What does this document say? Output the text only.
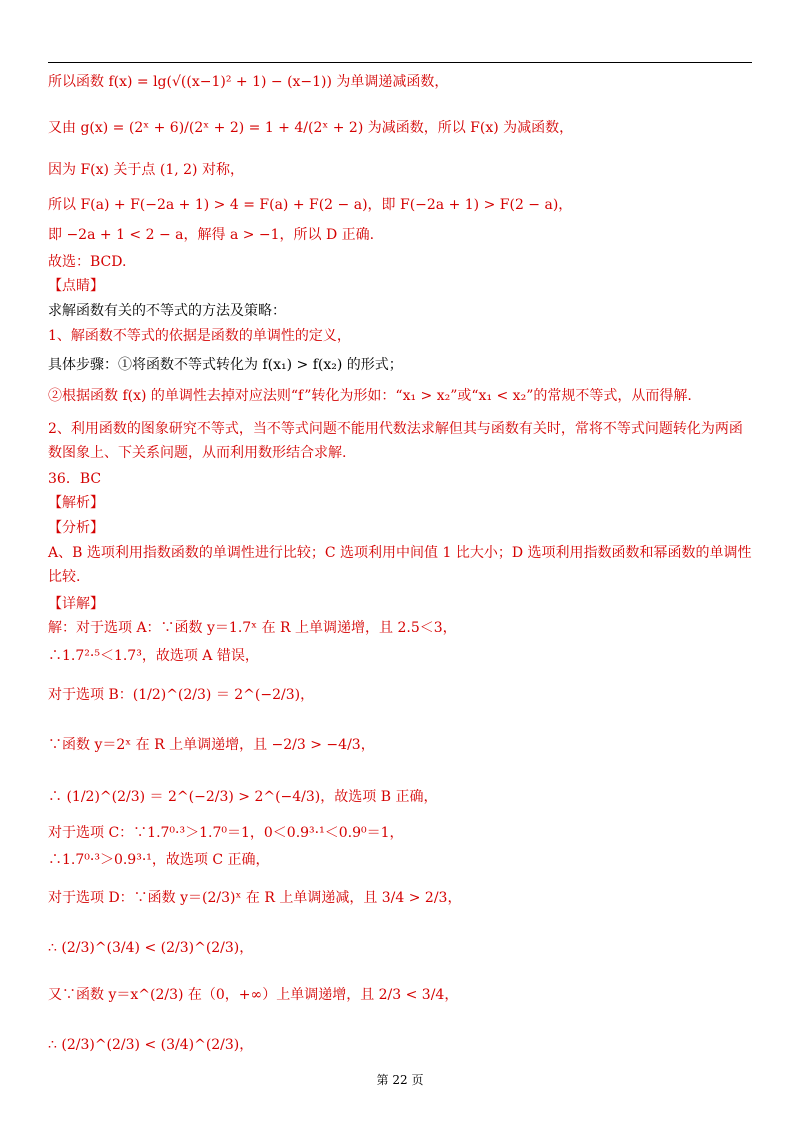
所以函数 f(x) = lg(√((x−1)² + 1) − (x−1)) 为单调递减函数，
又由 g(x) = (2ˣ + 6)/(2ˣ + 2) = 1 + 4/(2ˣ + 2) 为减函数，所以 F(x) 为减函数，
因为 F(x) 关于点 (1, 2) 对称，
所以 F(a) + F(−2a + 1) > 4 = F(a) + F(2 − a)，即 F(−2a + 1) > F(2 − a)，
即 −2a + 1 < 2 − a，解得 a > −1，所以 D 正确.
故选：BCD.
【点睛】
求解函数有关的不等式的方法及策略：
1、解函数不等式的依据是函数的单调性的定义，
具体步骤：①将函数不等式转化为 f(x₁) > f(x₂) 的形式；
②根据函数 f(x) 的单调性去掉对应法则“f”转化为形如：“x₁ > x₂”或“x₁ < x₂”的常规不等式，从而得解.
2、利用函数的图象研究不等式，当不等式问题不能用代数法求解但其与函数有关时，常将不等式问题转化为两函
数图象上、下关系问题，从而利用数形结合求解.
36．BC
【解析】
【分析】
A、B 选项利用指数函数的单调性进行比较；C 选项利用中间值 1 比大小；D 选项利用指数函数和幂函数的单调性
比较.
【详解】
解：对于选项 A：∵函数 y＝1.7ˣ 在 R 上单调递增，且 2.5＜3，
∴1.7²·⁵＜1.7³，故选项 A 错误，
对于选项 B：(1/2)^(2/3) ＝ 2^(−2/3)，
∵函数 y＝2ˣ 在 R 上单调递增，且 −2/3 > −4/3，
∴ (1/2)^(2/3) ＝ 2^(−2/3) > 2^(−4/3)，故选项 B 正确，
对于选项 C：∵1.7⁰·³＞1.7⁰＝1，0＜0.9³·¹＜0.9⁰＝1，
∴1.7⁰·³＞0.9³·¹，故选项 C 正确，
对于选项 D：∵函数 y＝(2/3)ˣ 在 R 上单调递减，且 3/4 > 2/3，
∴ (2/3)^(3/4) < (2/3)^(2/3)，
又∵函数 y＝x^(2/3) 在（0，+∞）上单调递增，且 2/3 < 3/4，
∴ (2/3)^(2/3) < (3/4)^(2/3)，
第 22 页
